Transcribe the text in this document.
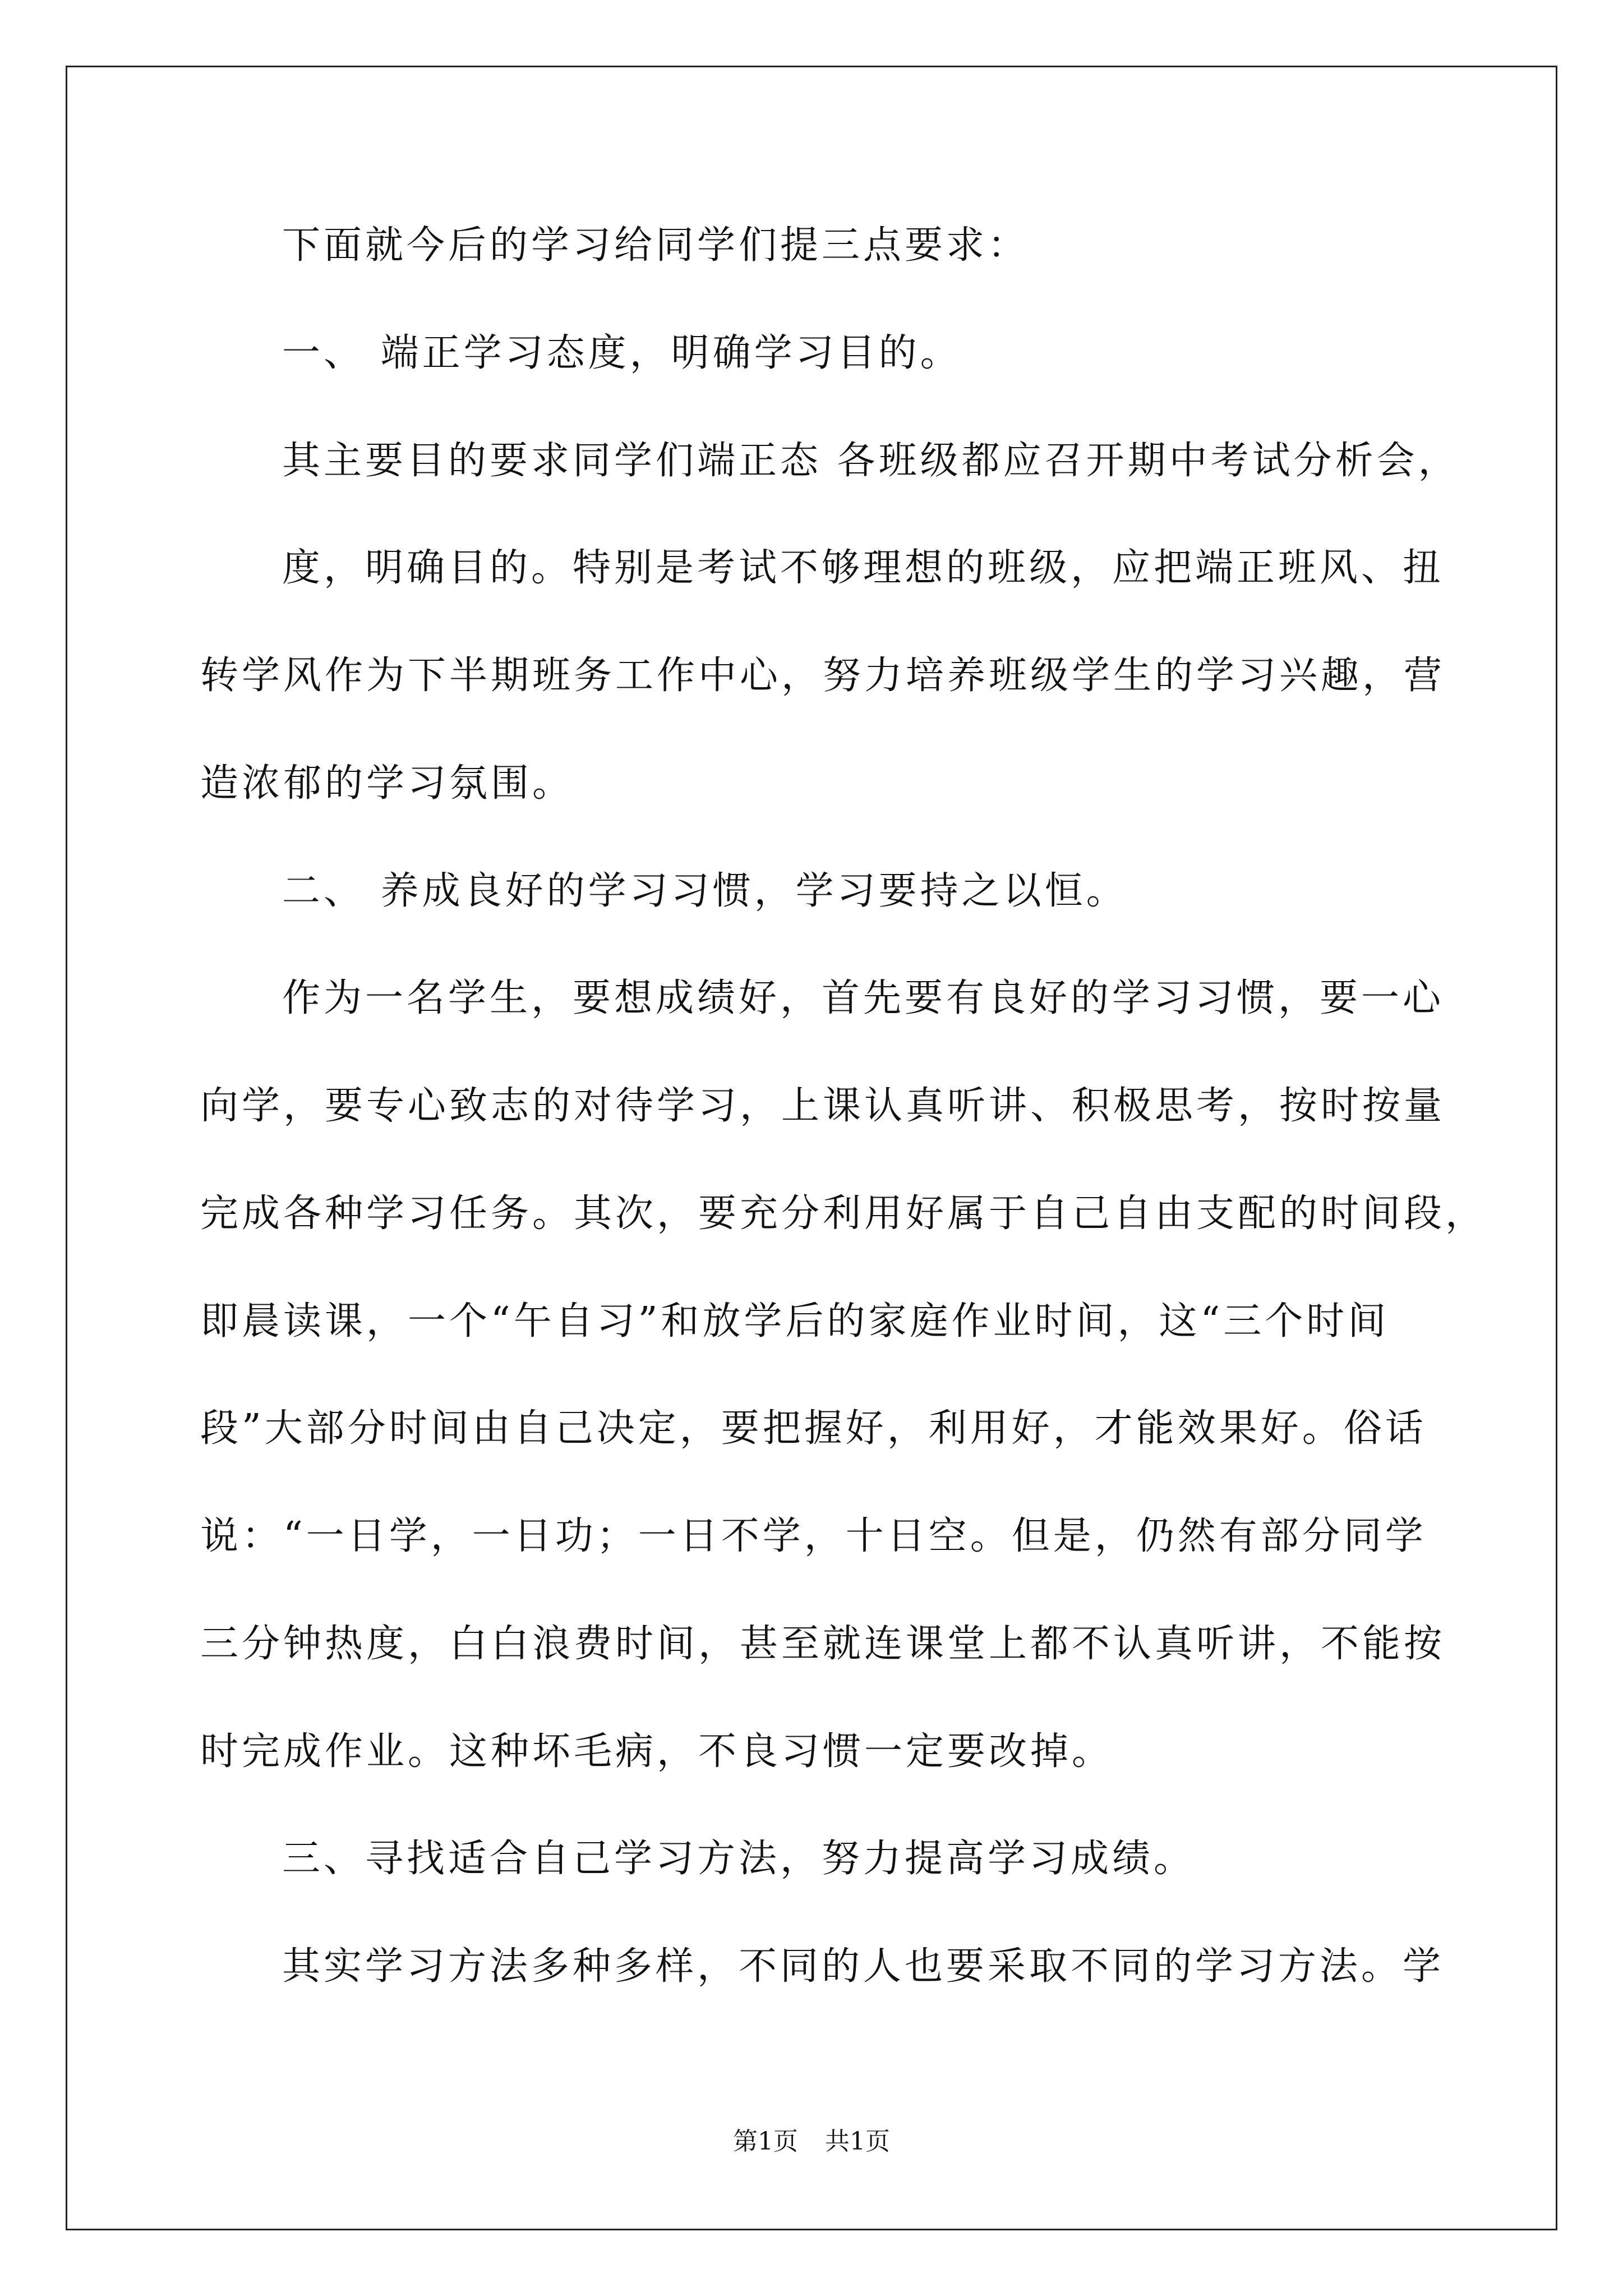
下面就今后的学习给同学们提三点要求：
一、 端正学习态度，明确学习目的。
其主要目的要求同学们端正态 各班级都应召开期中考试分析会，
度，明确目的。特别是考试不够理想的班级，应把端正班风、扭
转学风作为下半期班务工作中心，努力培养班级学生的学习兴趣，营
造浓郁的学习氛围。
二、 养成良好的学习习惯，学习要持之以恒。
作为一名学生，要想成绩好，首先要有良好的学习习惯，要一心
向学，要专心致志的对待学习，上课认真听讲、积极思考，按时按量
完成各种学习任务。其次，要充分利用好属于自己自由支配的时间段，
即晨读课，一个“午自习”和放学后的家庭作业时间，这“三个时间
段”大部分时间由自己决定，要把握好，利用好，才能效果好。俗话
说：“一日学，一日功；一日不学，十日空。但是，仍然有部分同学
三分钟热度，白白浪费时间，甚至就连课堂上都不认真听讲，不能按
时完成作业。这种坏毛病，不良习惯一定要改掉。
三、寻找适合自己学习方法，努力提高学习成绩。
其实学习方法多种多样，不同的人也要采取不同的学习方法。学
第1页 共1页
